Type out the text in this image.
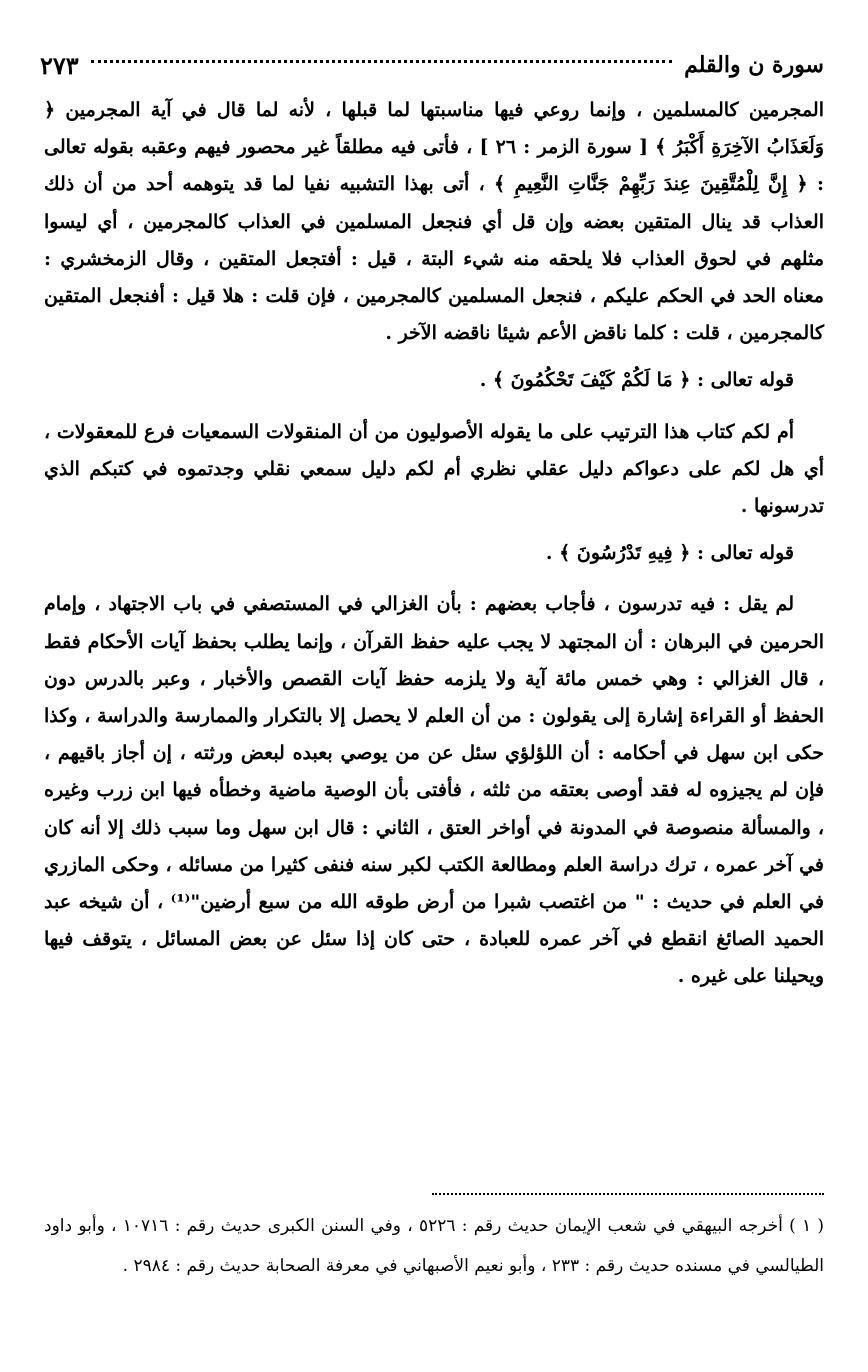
سورة ن والقلم
٢٧٣

المجرمين كالمسلمين ، وإنما روعي فيها مناسبتها لما قبلها ، لأنه لما قال في آية المجرمين ﴿ وَلَعَذَابُ الآخِرَةِ أَكْبَرُ ﴾ [ سورة الزمر : ٢٦ ] ، فأتى فيه مطلقاً غير محصور فيهم وعقبه بقوله تعالى : ﴿ إِنَّ لِلْمُتَّقِينَ عِندَ رَبِّهِمْ جَنَّاتِ النَّعِيمِ ﴾ ، أتى بهذا التشبيه نفيا لما قد يتوهمه أحد من أن ذلك العذاب قد ينال المتقين بعضه وإن قل أي فنجعل المسلمين في العذاب كالمجرمين ، أي ليسوا مثلهم في لحوق العذاب فلا يلحقه منه شيء البتة ، قيل : أفتجعل المتقين ، وقال الزمخشري : معناه الحد في الحكم عليكم ، فنجعل المسلمين كالمجرمين ، فإن قلت : هلا قيل : أفنجعل المتقين كالمجرمين ، قلت : كلما ناقض الأعم شيئا ناقضه الآخر .

قوله تعالى : ﴿ مَا لَكُمْ كَيْفَ تَحْكُمُونَ ﴾ .

أم لكم كتاب هذا الترتيب على ما يقوله الأصوليون من أن المنقولات السمعيات فرع للمعقولات ، أي هل لكم على دعواكم دليل عقلي نظري أم لكم دليل سمعي نقلي وجدتموه في كتبكم الذي تدرسونها .

قوله تعالى : ﴿ فِيهِ تَدْرُسُونَ ﴾ .

لم يقل : فيه تدرسون ، فأجاب بعضهم : بأن الغزالي في المستصفي في باب الاجتهاد ، وإمام الحرمين في البرهان : أن المجتهد لا يجب عليه حفظ القرآن ، وإنما يطلب بحفظ آيات الأحكام فقط ، قال الغزالي : وهي خمس مائة آية ولا يلزمه حفظ آيات القصص والأخبار ، وعبر بالدرس دون الحفظ أو القراءة إشارة إلى يقولون : من أن العلم لا يحصل إلا بالتكرار والممارسة والدراسة ، وكذا حكى ابن سهل في أحكامه : أن اللؤلؤي سئل عن من يوصي بعبده لبعض ورثته ، إن أجاز باقيهم ، فإن لم يجيزوه له فقد أوصى بعتقه من ثلثه ، فأفتى بأن الوصية ماضية وخطأه فيها ابن زرب وغيره ، والمسألة منصوصة في المدونة في أواخر العتق ، الثاني : قال ابن سهل وما سبب ذلك إلا أنه كان في آخر عمره ، ترك دراسة العلم ومطالعة الكتب لكبر سنه فنفى كثيرا من مسائله ، وحكى المازري في العلم في حديث : " من اغتصب شبرا من أرض طوقه الله من سبع أرضين"⁽¹⁾ ، أن شيخه عبد الحميد الصائغ انقطع في آخر عمره للعبادة ، حتى كان إذا سئل عن بعض المسائل ، يتوقف فيها ويحيلنا على غيره .

( ١ ) أخرجه البيهقي في شعب الإيمان حديث رقم : ٥٢٢٦ ، وفي السنن الكبرى حديث رقم : ١٠٧١٦ ، وأبو داود الطيالسي في مسنده حديث رقم : ٢٣٣ ، وأبو نعيم الأصبهاني في معرفة الصحابة حديث رقم : ٢٩٨٤ .
